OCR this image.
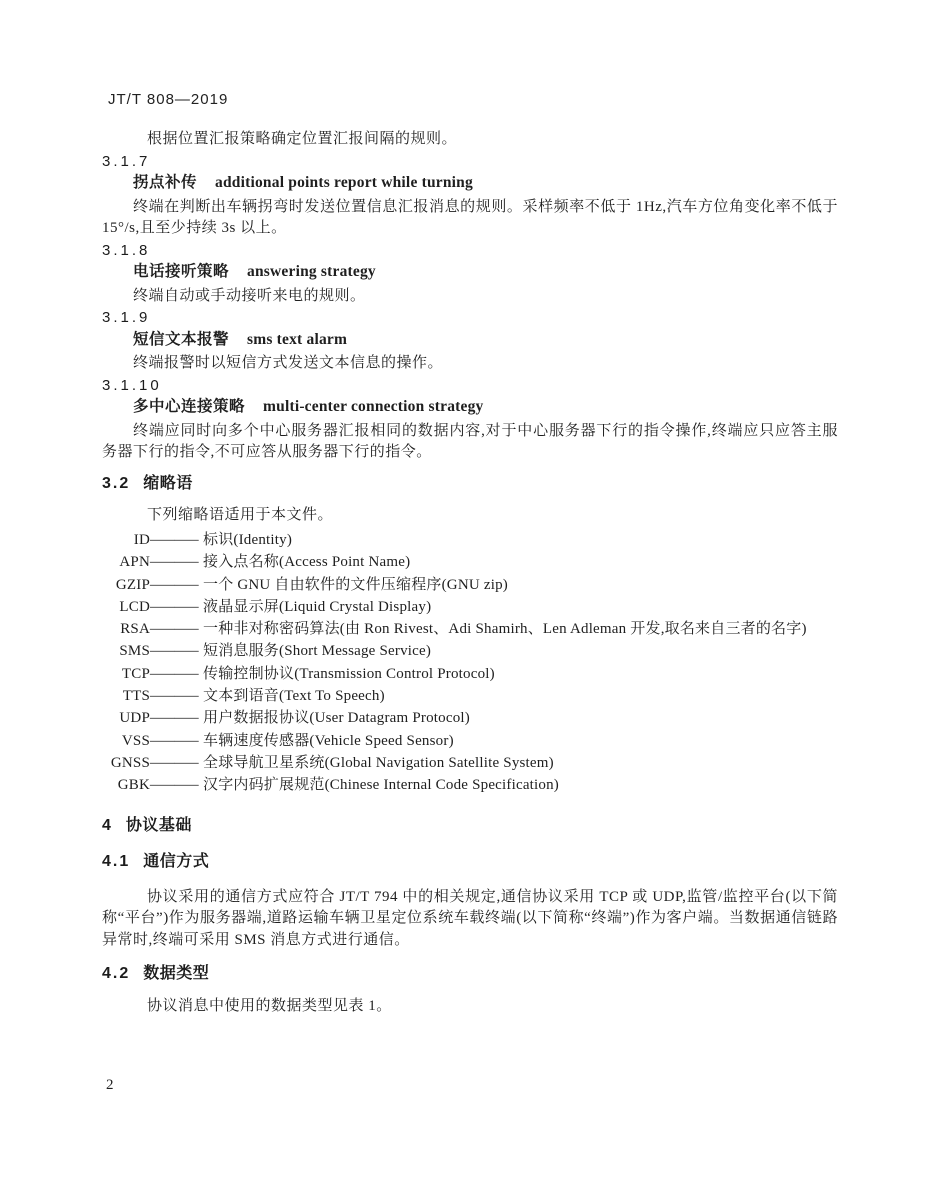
JT/T 808—2019

根据位置汇报策略确定位置汇报间隔的规则。

3.1.7
拐点补传 additional points report while turning

终端在判断出车辆拐弯时发送位置信息汇报消息的规则。采样频率不低于 1Hz,汽车方位角变化率不低于 15°/s,且至少持续 3s 以上。

3.1.8
电话接听策略 answering strategy

终端自动或手动接听来电的规则。

3.1.9
短信文本报警 sms text alarm

终端报警时以短信方式发送文本信息的操作。

3.1.10
多中心连接策略 multi-center connection strategy

终端应同时向多个中心服务器汇报相同的数据内容,对于中心服务器下行的指令操作,终端应只应答主服务器下行的指令,不可应答从服务器下行的指令。

3.2 缩略语

下列缩略语适用于本文件。

ID—— 标识(Identity)
APN—— 接入点名称(Access Point Name)
GZIP—— 一个 GNU 自由软件的文件压缩程序(GNU zip)
LCD—— 液晶显示屏(Liquid Crystal Display)
RSA—— 一种非对称密码算法(由 Ron Rivest、Adi Shamirh、Len Adleman 开发,取名来自三者的名字)
SMS—— 短消息服务(Short Message Service)
TCP—— 传输控制协议(Transmission Control Protocol)
TTS—— 文本到语音(Text To Speech)
UDP—— 用户数据报协议(User Datagram Protocol)
VSS—— 车辆速度传感器(Vehicle Speed Sensor)
GNSS—— 全球导航卫星系统(Global Navigation Satellite System)
GBK—— 汉字内码扩展规范(Chinese Internal Code Specification)
4 协议基础
4.1 通信方式

协议采用的通信方式应符合 JT/T 794 中的相关规定,通信协议采用 TCP 或 UDP,监管/监控平台(以下简称“平台”)作为服务器端,道路运输车辆卫星定位系统车载终端(以下简称“终端”)作为客户端。当数据通信链路异常时,终端可采用 SMS 消息方式进行通信。

4.2 数据类型

协议消息中使用的数据类型见表 1。

2
